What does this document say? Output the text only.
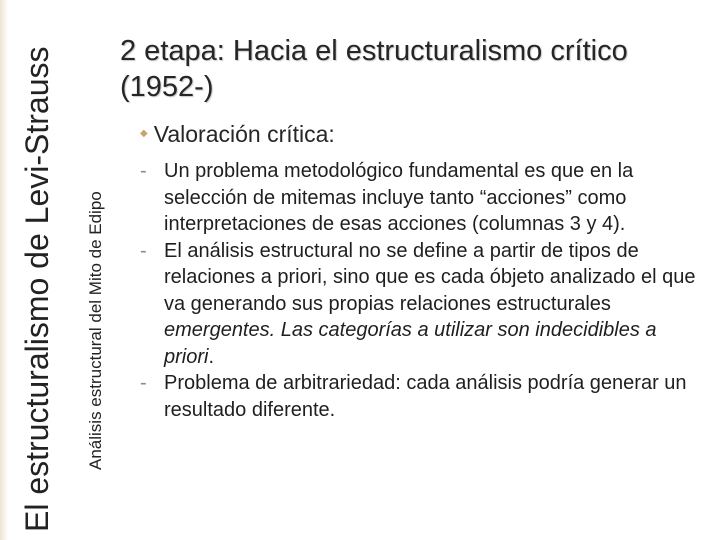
El estructuralismo de Levi-Strauss Análisis estructural del Mito de Edipo
2 etapa: Hacia el estructuralismo crítico (1952-)
◆ Valoración crítica:
- Un problema metodológico fundamental es que en la selección de mitemas incluye tanto “acciones” como interpretaciones de esas acciones (columnas 3 y 4).
- El análisis estructural no se define a partir de tipos de relaciones a priori, sino que es cada óbjeto analizado el que va generando sus propias relaciones estructurales emergentes. Las categorías a utilizar son indecidibles a priori.
- Problema de arbitrariedad: cada análisis podría generar un resultado diferente.
